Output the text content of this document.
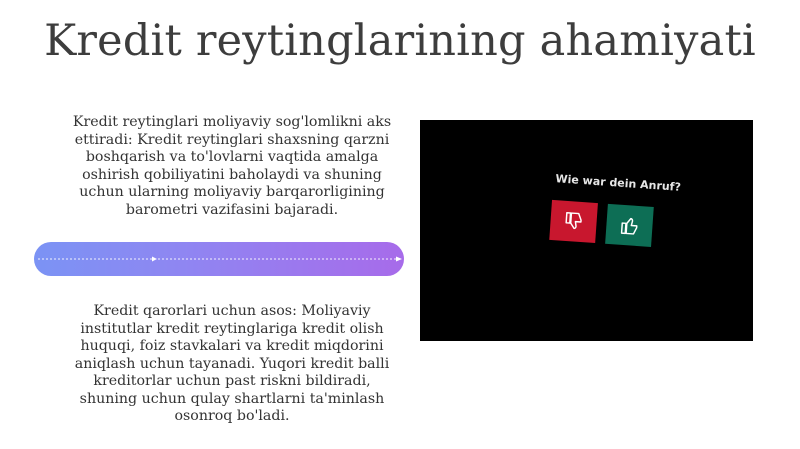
Kredit reytinglarining ahamiyati

Kredit reytinglari moliyaviy sog'lomlikni aks ettiradi: Kredit reytinglari shaxsning qarzni boshqarish va to'lovlarni vaqtida amalga oshirish qobiliyatini baholaydi va shuning uchun ularning moliyaviy barqarorligining barometri vazifasini bajaradi.

Kredit qarorlari uchun asos: Moliyaviy institutlar kredit reytinglariga kredit olish huquqi, foiz stavkalari va kredit miqdorini aniqlash uchun tayanadi. Yuqori kredit balli kreditorlar uchun past riskni bildiradi, shuning uchun qulay shartlarni ta'minlash osonroq bo'ladi.

Wie war dein Anruf?
